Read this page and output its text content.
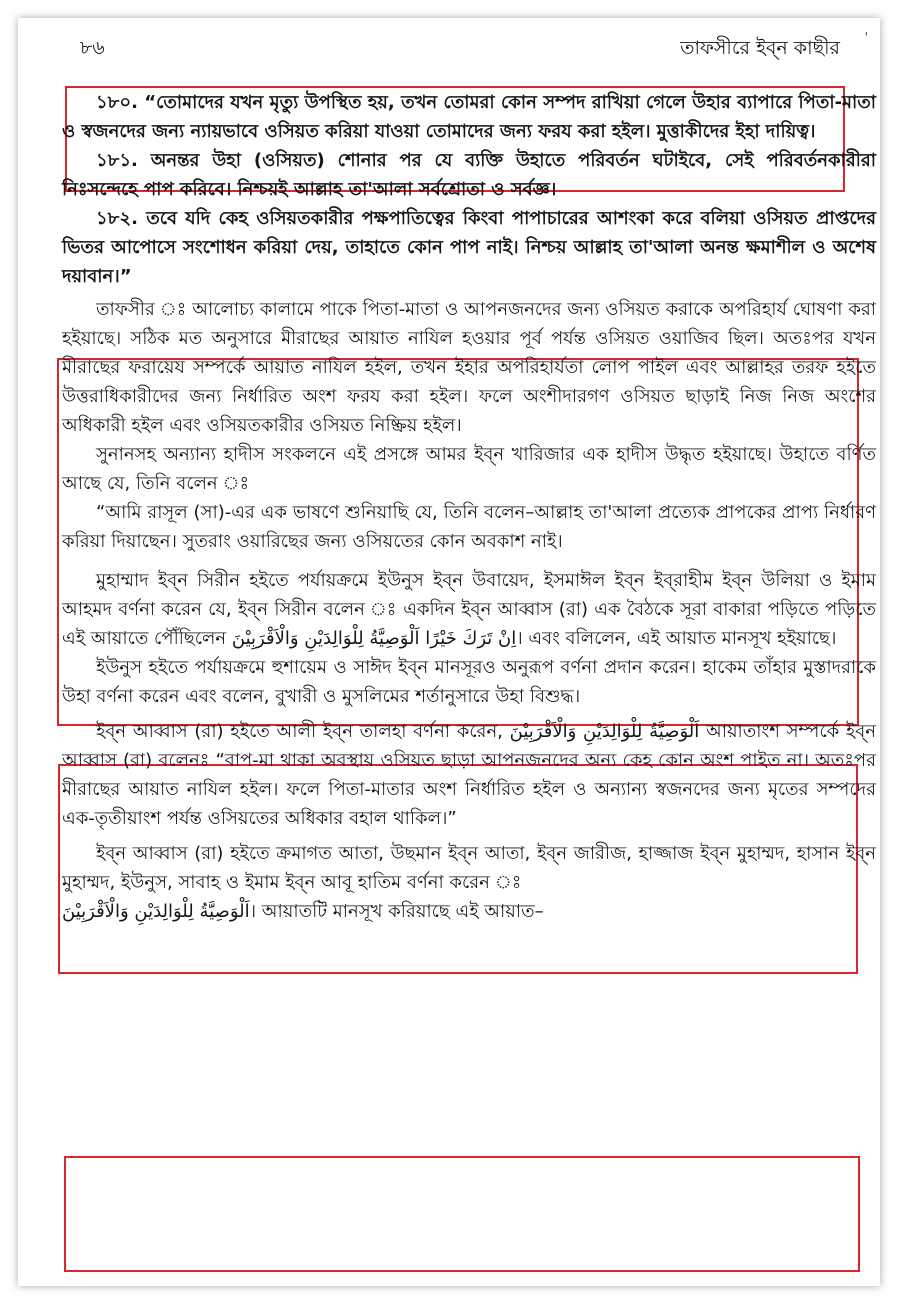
৮৬	তাফসীরে ইব্‌ন কাছীর '

১৮০. “তোমাদের যখন মৃত্যু উপস্থিত হয়, তখন তোমরা কোন সম্পদ রাখিয়া গেলে উহার ব্যাপারে পিতা-মাতা ও স্বজনদের জন্য ন্যায়ভাবে ওসিয়ত করিয়া যাওয়া তোমাদের জন্য ফরয করা হইল। মুত্তাকীদের ইহা দায়িত্ব।

১৮১. অনন্তর উহা (ওসিয়ত) শোনার পর যে ব্যক্তি উহাতে পরিবর্তন ঘটাইবে, সেই পরিবর্তনকারীরা নিঃসন্দেহে পাপ করিবে। নিশ্চয়ই আল্লাহ তা'আলা সর্বশ্রোতা ও সর্বজ্ঞ।

১৮২. তবে যদি কেহ ওসিয়তকারীর পক্ষপাতিত্বের কিংবা পাপাচারের আশংকা করে বলিয়া ওসিয়ত প্রাপ্তদের ভিতর আপোসে সংশোধন করিয়া দেয়, তাহাতে কোন পাপ নাই। নিশ্চয় আল্লাহ তা'আলা অনন্ত ক্ষমাশীল ও অশেষ দয়াবান।”

তাফসীর ঃ আলোচ্য কালামে পাকে পিতা-মাতা ও আপনজনদের জন্য ওসিয়ত করাকে অপরিহার্য ঘোষণা করা হইয়াছে। সঠিক মত অনুসারে মীরাছের আয়াত নাযিল হওয়ার পূর্ব পর্যন্ত ওসিয়ত ওয়াজিব ছিল। অতঃপর যখন মীরাছের ফরায়েয সম্পর্কে আয়াত নাযিল হইল, তখন ইহার অপরিহার্যতা লোপ পাইল এবং আল্লাহর তরফ হইতে উত্তরাধিকারীদের জন্য নির্ধারিত অংশ ফরয করা হইল। ফলে অংশীদারগণ ওসিয়ত ছাড়াই নিজ নিজ অংশের অধিকারী হইল এবং ওসিয়তকারীর ওসিয়ত নিষ্ক্রিয় হইল।

সুনানসহ অন্যান্য হাদীস সংকলনে এই প্রসঙ্গে আমর ইব্‌ন খারিজার এক হাদীস উদ্ধৃত হইয়াছে। উহাতে বর্ণিত আছে যে, তিনি বলেন ঃ

“আমি রাসূল (সা)-এর এক ভাষণে শুনিয়াছি যে, তিনি বলেন–আল্লাহ তা'আলা প্রত্যেক প্রাপকের প্রাপ্য নির্ধারণ করিয়া দিয়াছেন। সুতরাং ওয়ারিছের জন্য ওসিয়তের কোন অবকাশ নাই।

মুহাম্মাদ ইব্‌ন সিরীন হইতে পর্যায়ক্রমে ইউনুস ইব্‌ন উবায়েদ, ইসমাঈল ইব্‌ন ইব্‌রাহীম ইব্‌ন উলিয়া ও ইমাম আহমদ বর্ণনা করেন যে, ইব্‌ন সিরীন বলেন ঃ একদিন ইব্‌ন আব্বাস (রা) এক বৈঠকে সূরা বাকারা পড়িতে পড়িতে এই আয়াতে পৌঁছিলেন	اِنْ تَرَكَ خَيْرًا اَلْوَصِيَّةُ لِلْوَالِدَيْنِ وَالْاَقْرَبِيْنَ	। এবং বলিলেন, এই আয়াত মানসূখ হইয়াছে।

ইউনুস হইতে পর্যায়ক্রমে হুশায়েম ও সাঈদ ইব্‌ন মানসূরও অনুরূপ বর্ণনা প্রদান করেন। হাকেম তাঁহার মুস্তাদরাকে উহা বর্ণনা করেন এবং বলেন, বুখারী ও মুসলিমের শর্তানুসারে উহা বিশুদ্ধ।

ইব্‌ন আব্বাস (রা) হইতে আলী ইব্‌ন তালহা বর্ণনা করেন, اَلْوَصِيَّةُ لِلْوَالِدَيْنِ وَالْاَقْرَبِيْنَ আয়াতাংশ সম্পর্কে ইব্‌ন আব্বাস (রা) বলেনঃ “বাপ-মা থাকা অবস্থায় ওসিয়ত ছাড়া আপনজনদের অন্য কেহ কোন অংশ পাইত না। অতঃপর মীরাছের আয়াত নাযিল হইল। ফলে পিতা-মাতার অংশ নির্ধারিত হইল ও অন্যান্য স্বজনদের জন্য মৃতের সম্পদের এক-তৃতীয়াংশ পর্যন্ত ওসিয়তের অধিকার বহাল থাকিল।”

ইব্‌ন আব্বাস (রা) হইতে ক্রমাগত আতা, উছমান ইব্‌ন আতা, ইব্‌ন জারীজ, হাজ্জাজ ইব্‌ন মুহাম্মদ, হাসান ইব্‌ন মুহাম্মদ, ইউনুস, সাবাহ ও ইমাম ইব্‌ন আবূ হাতিম বর্ণনা করেন ঃ
اَلْوَصِيَّةُ لِلْوَالِدَيْنِ وَالْاَقْرَبِيْنَ। আয়াতটি মানসূখ করিয়াছে এই আয়াত–
